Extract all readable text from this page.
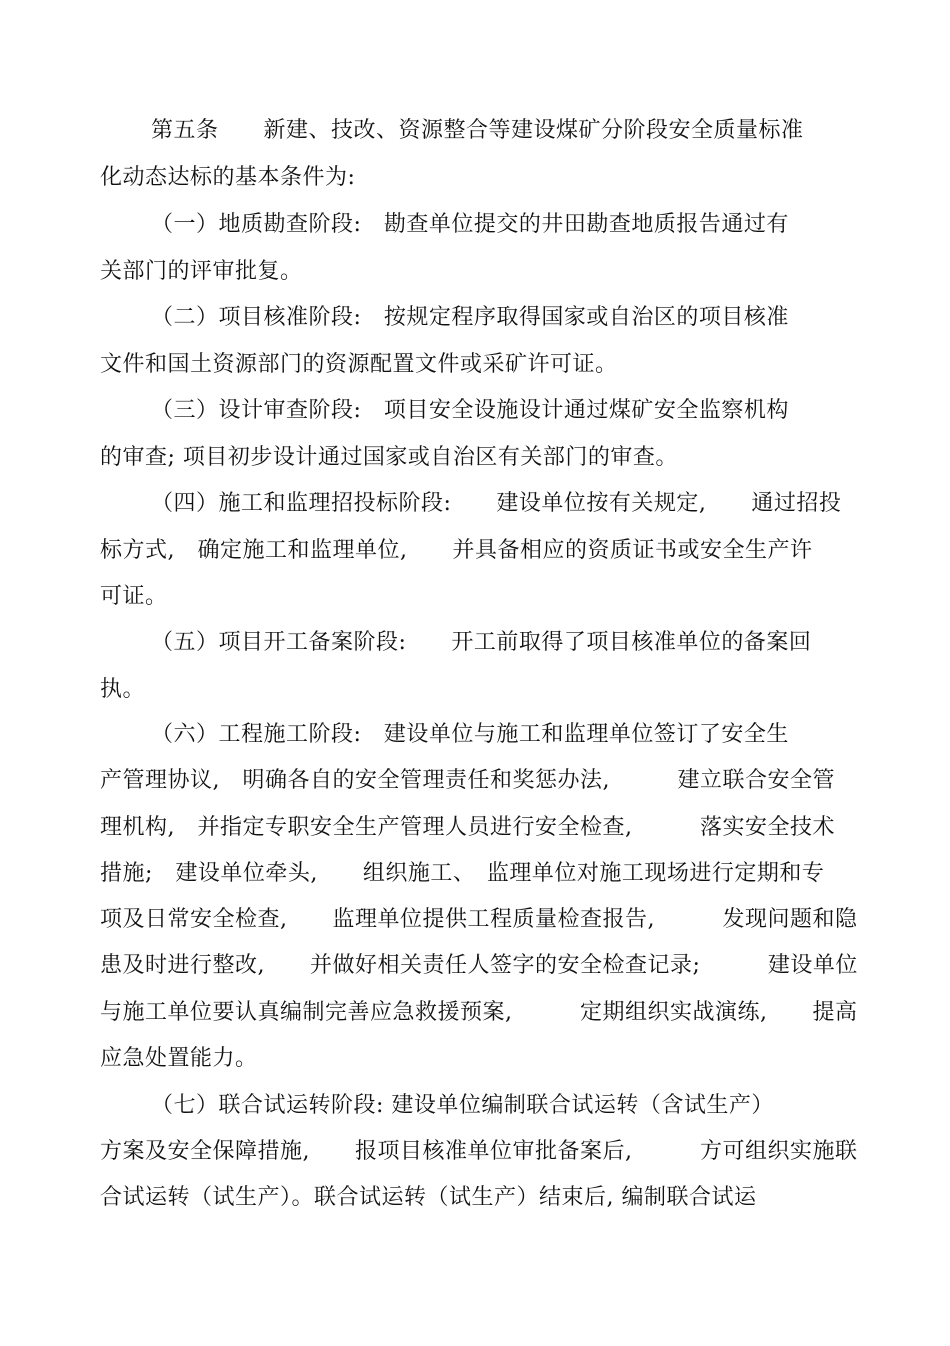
第五条　　新建、技改、资源整合等建设煤矿分阶段安全质量标准
化动态达标的基本条件为:
（一）地质勘查阶段:　勘查单位提交的井田勘查地质报告通过有
关部门的评审批复。
（二）项目核准阶段:　按规定程序取得国家或自治区的项目核准
文件和国土资源部门的资源配置文件或采矿许可证。
（三）设计审查阶段:　项目安全设施设计通过煤矿安全监察机构
的审查; 项目初步设计通过国家或自治区有关部门的审查。
（四）施工和监理招投标阶段:　　建设单位按有关规定,　　通过招投
标方式,　确定施工和监理单位,　　并具备相应的资质证书或安全生产许
可证。
（五）项目开工备案阶段:　　开工前取得了项目核准单位的备案回
执。
（六）工程施工阶段:　建设单位与施工和监理单位签订了安全生
产管理协议,　明确各自的安全管理责任和奖惩办法,　　　建立联合安全管
理机构,　并指定专职安全生产管理人员进行安全检查,　　　落实安全技术
措施;　建设单位牵头,　　组织施工、　监理单位对施工现场进行定期和专
项及日常安全检查,　　监理单位提供工程质量检查报告,　　　发现问题和隐
患及时进行整改,　　并做好相关责任人签字的安全检查记录;　　　建设单位
与施工单位要认真编制完善应急救援预案,　　　定期组织实战演练,　　提高
应急处置能力。
（七）联合试运转阶段: 建设单位编制联合试运转（含试生产）
方案及安全保障措施,　　报项目核准单位审批备案后,　　　方可组织实施联
合试运转（试生产）。联合试运转（试生产）结束后, 编制联合试运
